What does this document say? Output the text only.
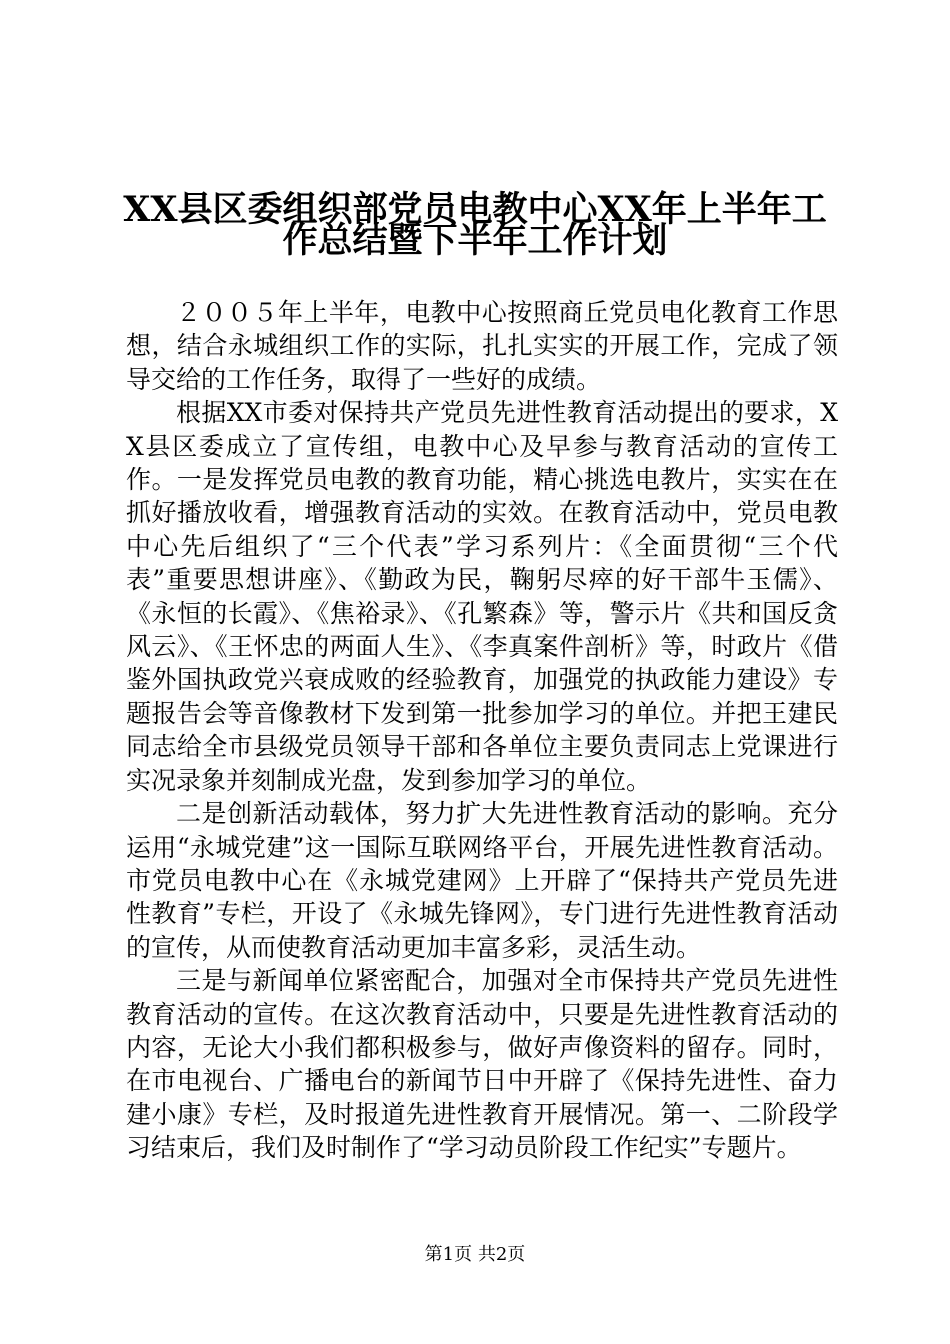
XX县区委组织部党员电教中心XX年上半年工
作总结暨下半年工作计划

２００５年上半年，电教中心按照商丘党员电化教育工作思想，结合永城组织工作的实际，扎扎实实的开展工作，完成了领导交给的工作任务，取得了一些好的成绩。

根据XX市委对保持共产党员先进性教育活动提出的要求，XX县区委成立了宣传组，电教中心及早参与教育活动的宣传工作。一是发挥党员电教的教育功能，精心挑选电教片，实实在在抓好播放收看，增强教育活动的实效。在教育活动中，党员电教中心先后组织了“三个代表”学习系列片：《全面贯彻“三个代表”重要思想讲座》、《勤政为民，鞠躬尽瘁的好干部牛玉儒》、《永恒的长霞》、《焦裕录》、《孔繁森》等，警示片《共和国反贪风云》、《王怀忠的两面人生》、《李真案件剖析》等，时政片《借鉴外国执政党兴衰成败的经验教育，加强党的执政能力建设》专题报告会等音像教材下发到第一批参加学习的单位。并把王建民同志给全市县级党员领导干部和各单位主要负责同志上党课进行实况录象并刻制成光盘，发到参加学习的单位。

二是创新活动载体，努力扩大先进性教育活动的影响。充分运用“永城党建”这一国际互联网络平台，开展先进性教育活动。市党员电教中心在《永城党建网》上开辟了“保持共产党员先进性教育”专栏，开设了《永城先锋网》，专门进行先进性教育活动的宣传，从而使教育活动更加丰富多彩，灵活生动。

三是与新闻单位紧密配合，加强对全市保持共产党员先进性教育活动的宣传。在这次教育活动中，只要是先进性教育活动的内容，无论大小我们都积极参与，做好声像资料的留存。同时，在市电视台、广播电台的新闻节日中开辟了《保持先进性、奋力建小康》专栏，及时报道先进性教育开展情况。第一、二阶段学习结束后，我们及时制作了“学习动员阶段工作纪实”专题片。

第1页 共2页
